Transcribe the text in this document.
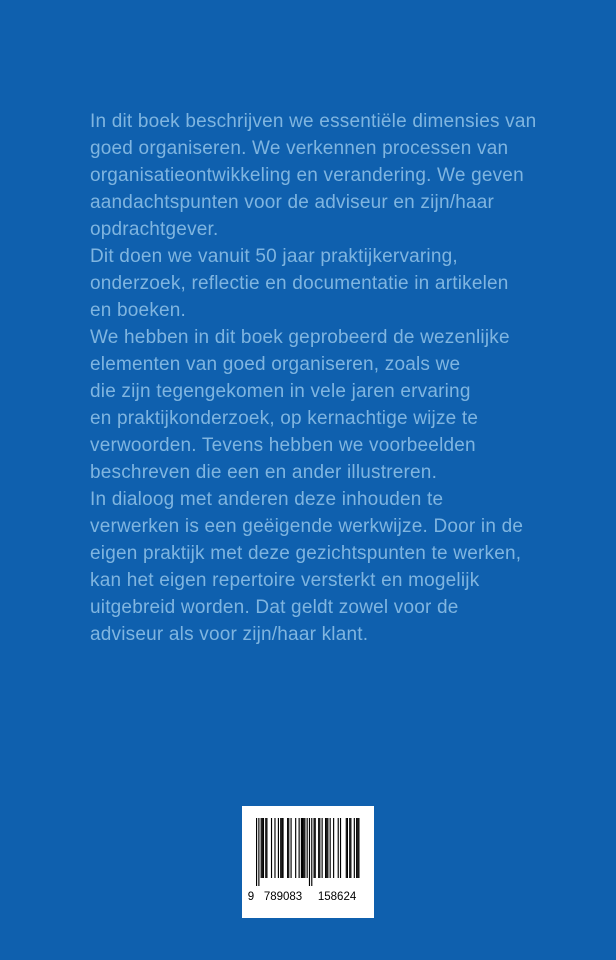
In dit boek beschrijven we essentiële dimensies van
goed organiseren. We verkennen processen van
organisatieontwikkeling en verandering. We geven
aandachtspunten voor de adviseur en zijn/haar
opdrachtgever.
Dit doen we vanuit 50 jaar praktijkervaring,
onderzoek, reflectie en documentatie in artikelen
en boeken.
We hebben in dit boek geprobeerd de wezenlijke
elementen van goed organiseren, zoals we
die zijn tegengekomen in vele jaren ervaring
en praktijkonderzoek, op kernachtige wijze te
verwoorden. Tevens hebben we voorbeelden
beschreven die een en ander illustreren.
In dialoog met anderen deze inhouden te
verwerken is een geëigende werkwijze. Door in de
eigen praktijk met deze gezichtspunten te werken,
kan het eigen repertoire versterkt en mogelijk
uitgebreid worden. Dat geldt zowel voor de
adviseur als voor zijn/haar klant.
9 789083 158624
